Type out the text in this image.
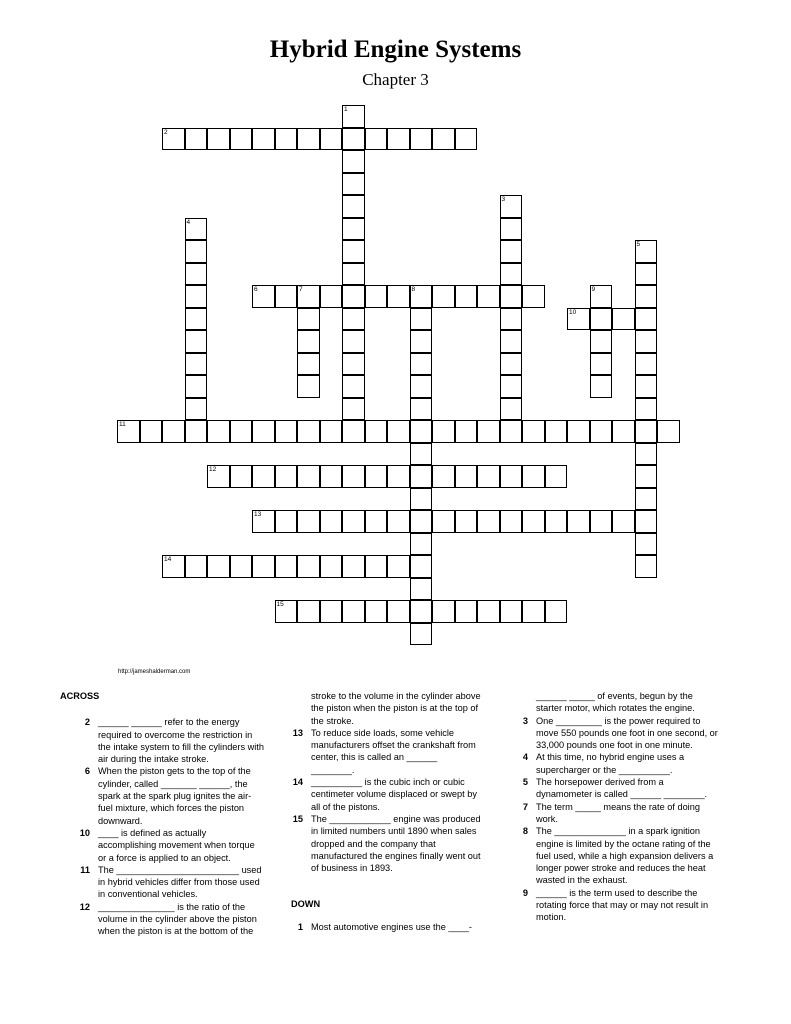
Hybrid Engine Systems
Chapter 3
1
2
3
4
5
6	7	8	9
10
11
12
13
14
15
http://jameshalderman.com
ACROSS
2 ______ ______ refer to the energy required to overcome the restriction in the intake system to fill the cylinders with air during the intake stroke.
6 When the piston gets to the top of the cylinder, called _______ ______, the spark at the spark plug ignites the air-fuel mixture, which forces the piston downward.
10 ____ is defined as actually accomplishing movement when torque or a force is applied to an object.
11 The ________________________ used in hybrid vehicles differ from those used in conventional vehicles.
12 _______________ is the ratio of the volume in the cylinder above the piston when the piston is at the bottom of the
stroke to the volume in the cylinder above the piston when the piston is at the top of the stroke.
13 To reduce side loads, some vehicle manufacturers offset the crankshaft from center, this is called an ______ ________.
14 __________ is the cubic inch or cubic centimeter volume displaced or swept by all of the pistons.
15 The ____________ engine was produced in limited numbers until 1890 when sales dropped and the company that manufactured the engines finally went out of business in 1893.
DOWN
1 Most automotive engines use the ____-
______ _____ of events, begun by the starter motor, which rotates the engine.
3 One _________ is the power required to move 550 pounds one foot in one second, or 33,000 pounds one foot in one minute.
4 At this time, no hybrid engine uses a supercharger or the __________.
5 The horsepower derived from a dynamometer is called ______ ________.
7 The term _____ means the rate of doing work.
8 The ______________ in a spark ignition engine is limited by the octane rating of the fuel used, while a high expansion delivers a longer power stroke and reduces the heat wasted in the exhaust.
9 ______ is the term used to describe the rotating force that may or may not result in motion.
